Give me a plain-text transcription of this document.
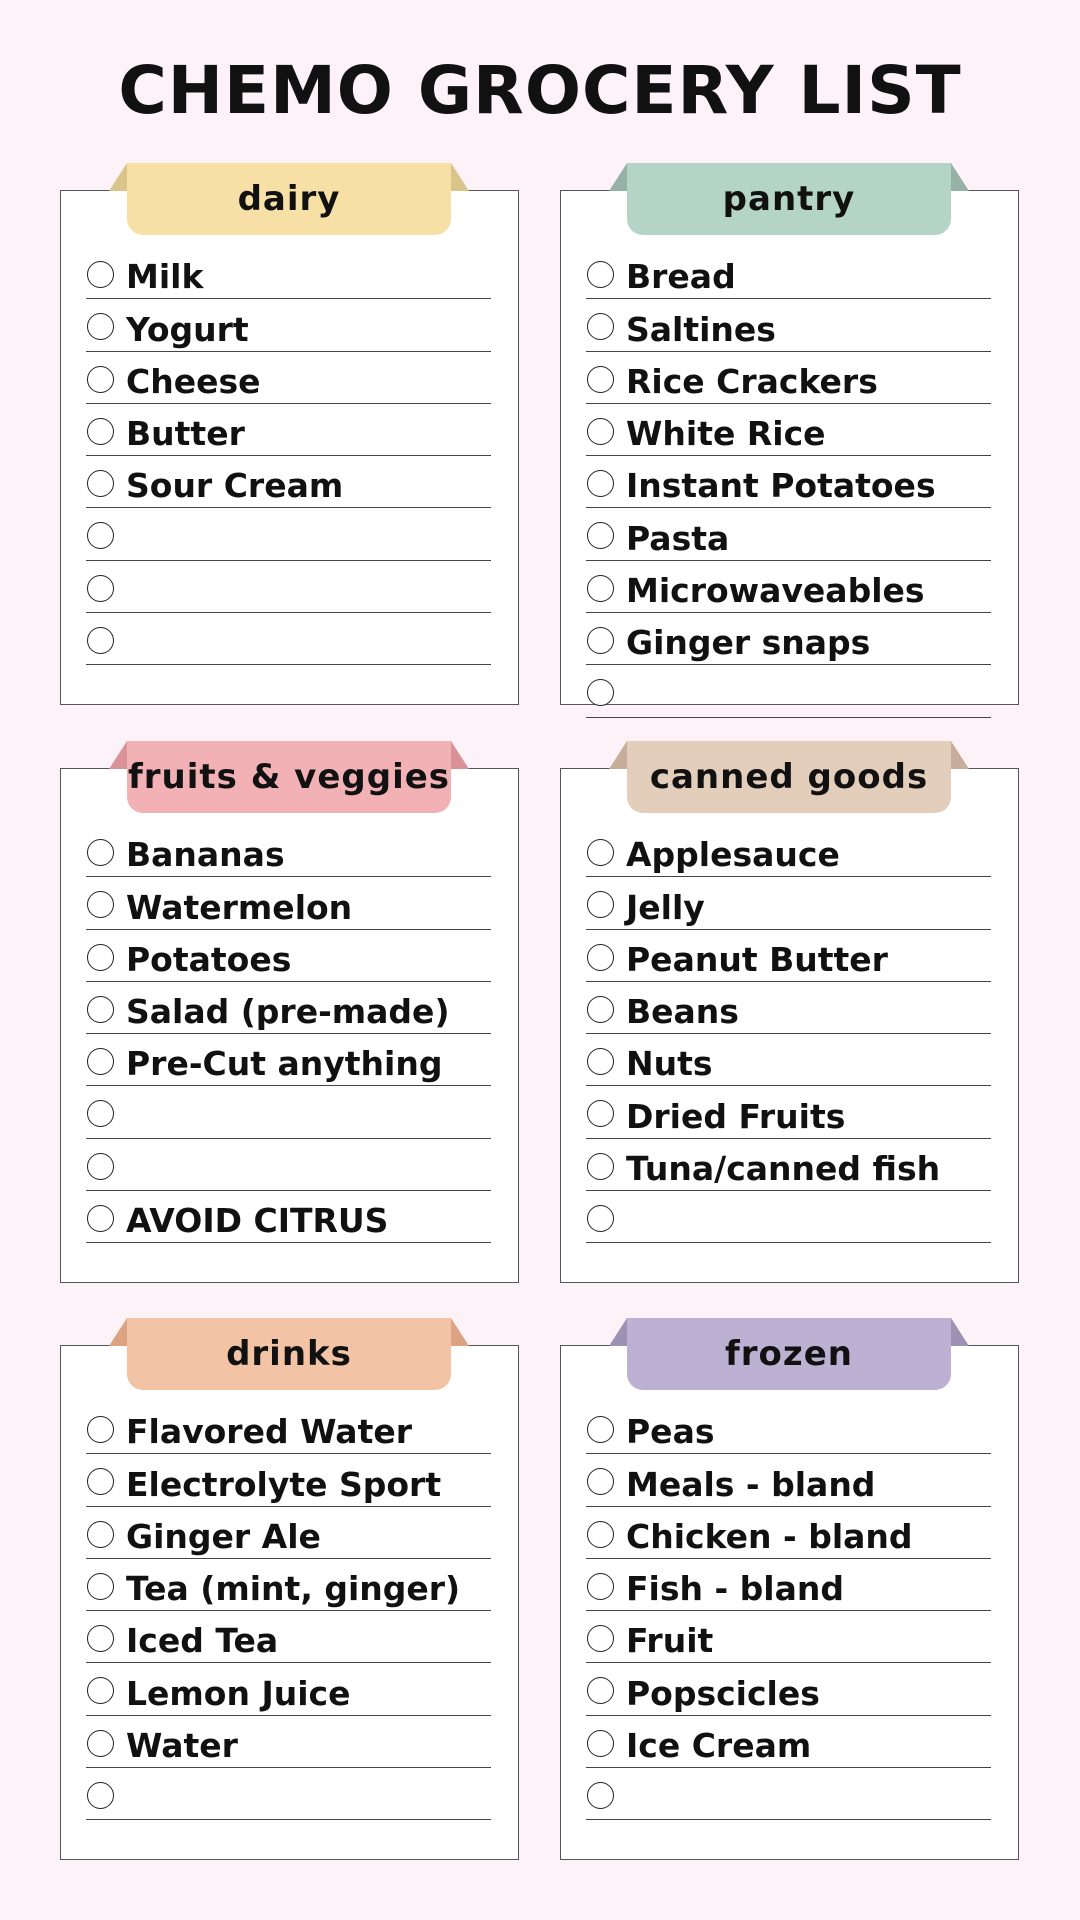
CHEMO GROCERY LIST
dairy
Milk
Yogurt
Cheese
Butter
Sour Cream
pantry
Bread
Saltines
Rice Crackers
White Rice
Instant Potatoes
Pasta
Microwaveables
Ginger snaps
fruits & veggies
Bananas
Watermelon
Potatoes
Salad (pre-made)
Pre-Cut anything
AVOID CITRUS
canned goods
Applesauce
Jelly
Peanut Butter
Beans
Nuts
Dried Fruits
Tuna/canned fish
drinks
Flavored Water
Electrolyte Sport
Ginger Ale
Tea (mint, ginger)
Iced Tea
Lemon Juice
Water
frozen
Peas
Meals - bland
Chicken - bland
Fish - bland
Fruit
Popscicles
Ice Cream
